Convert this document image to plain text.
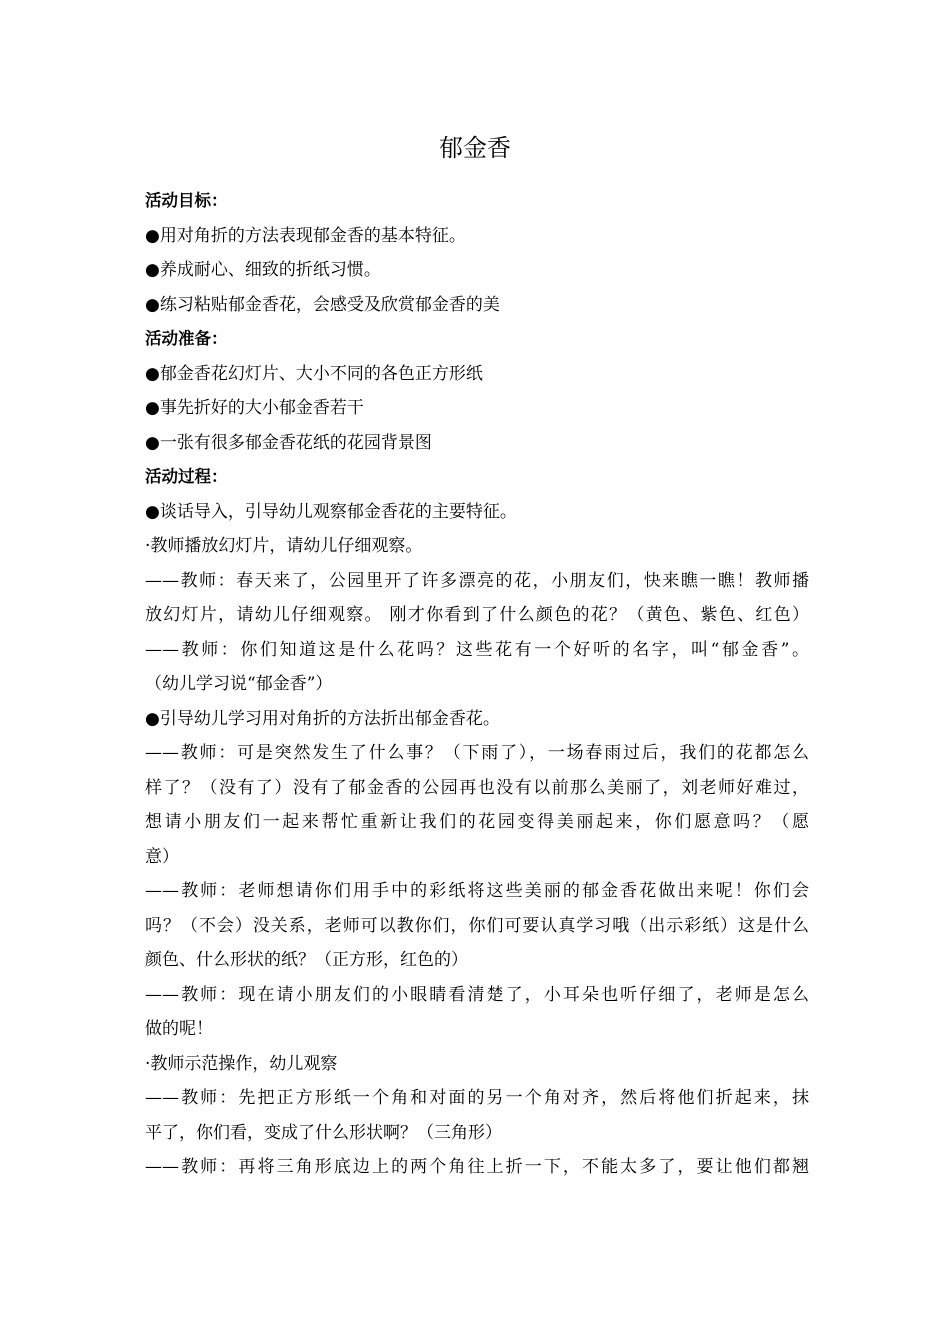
郁金香
活动目标：
●用对角折的方法表现郁金香的基本特征。
●养成耐心、细致的折纸习惯。
●练习粘贴郁金香花，会感受及欣赏郁金香的美
活动准备：
●郁金香花幻灯片、大小不同的各色正方形纸
●事先折好的大小郁金香若干
●一张有很多郁金香花纸的花园背景图
活动过程：
●谈话导入，引导幼儿观察郁金香花的主要特征。
·教师播放幻灯片，请幼儿仔细观察。
——教师：春天来了，公园里开了许多漂亮的花，小朋友们，快来瞧一瞧！教师播
放幻灯片，请幼儿仔细观察。 刚才你看到了什么颜色的花？（黄色、紫色、红色）
——教师：你们知道这是什么花吗？这些花有一个好听的名字，叫“郁金香”。
（幼儿学习说“郁金香”）
●引导幼儿学习用对角折的方法折出郁金香花。
——教师：可是突然发生了什么事？（下雨了），一场春雨过后，我们的花都怎么
样了？（没有了）没有了郁金香的公园再也没有以前那么美丽了，刘老师好难过，
想请小朋友们一起来帮忙重新让我们的花园变得美丽起来，你们愿意吗？（愿
意）
——教师：老师想请你们用手中的彩纸将这些美丽的郁金香花做出来呢！你们会
吗？（不会）没关系，老师可以教你们，你们可要认真学习哦（出示彩纸）这是什么
颜色、什么形状的纸？（正方形，红色的）
——教师：现在请小朋友们的小眼睛看清楚了，小耳朵也听仔细了，老师是怎么
做的呢！
·教师示范操作，幼儿观察
——教师：先把正方形纸一个角和对面的另一个角对齐，然后将他们折起来，抹
平了，你们看，变成了什么形状啊？（三角形）
——教师：再将三角形底边上的两个角往上折一下，不能太多了，要让他们都翘
